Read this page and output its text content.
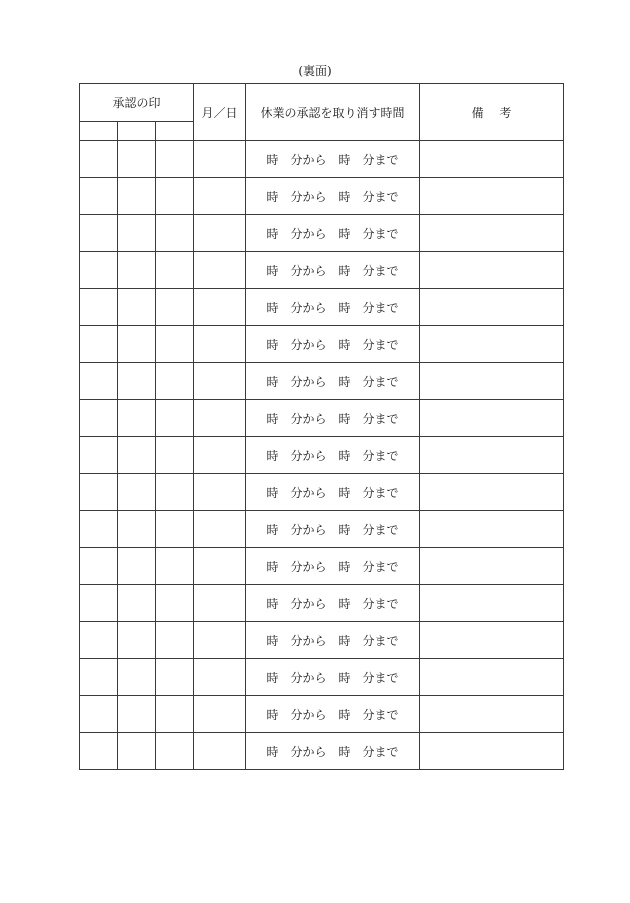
(裏面)
承認の印			月／日	休業の承認を取り消す時間	備　 考

				時　分から　時　分まで	
				時　分から　時　分まで	
				時　分から　時　分まで	
				時　分から　時　分まで	
				時　分から　時　分まで	
				時　分から　時　分まで	
				時　分から　時　分まで	
				時　分から　時　分まで	
				時　分から　時　分まで	
				時　分から　時　分まで	
				時　分から　時　分まで	
				時　分から　時　分まで	
				時　分から　時　分まで	
				時　分から　時　分まで	
				時　分から　時　分まで	
				時　分から　時　分まで	
				時　分から　時　分まで	
